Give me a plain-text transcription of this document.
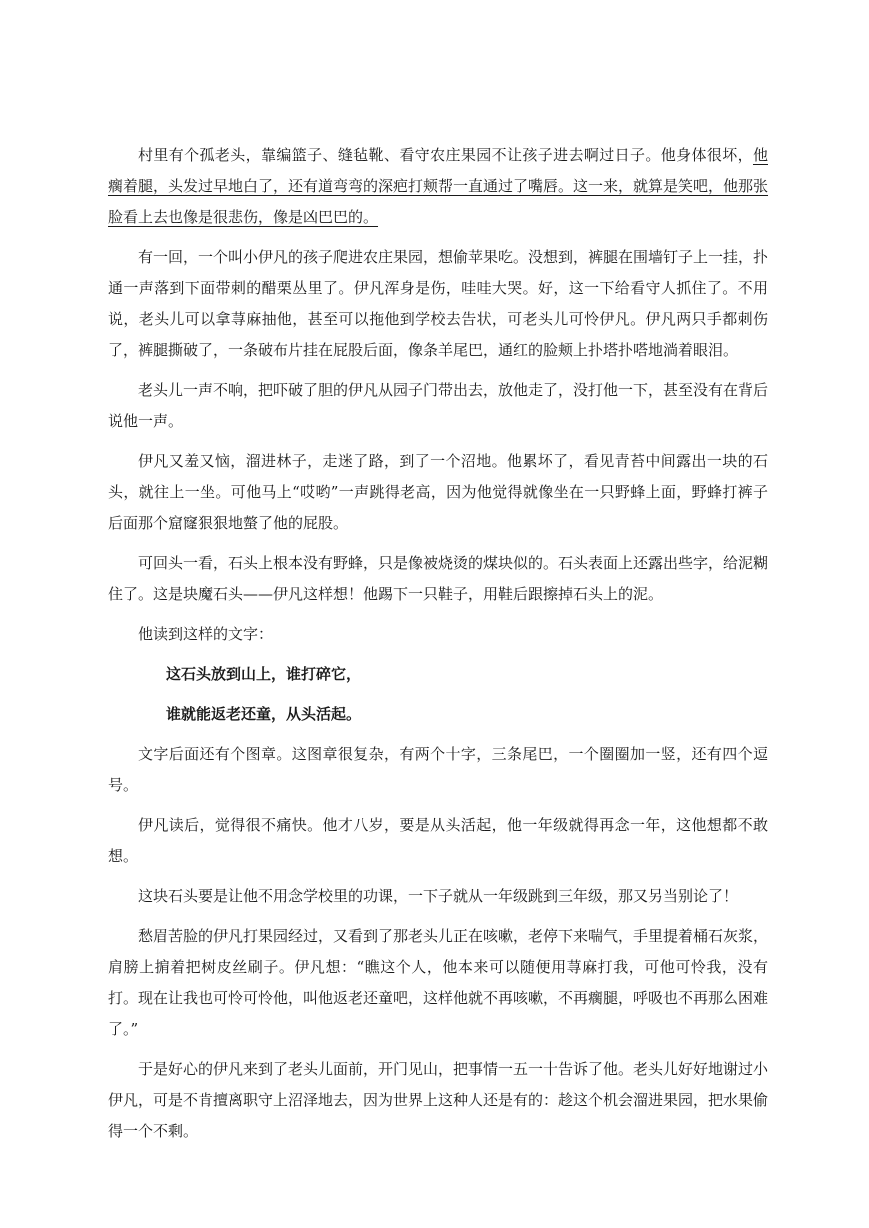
村里有个孤老头，靠编篮子、缝毡靴、看守农庄果园不让孩子进去啊过日子。他身体很坏，他瘸着腿，头发过早地白了，还有道弯弯的深疤打颊帮一直通过了嘴唇。这一来，就算是笑吧，他那张脸看上去也像是很悲伤，像是凶巴巴的。

有一回，一个叫小伊凡的孩子爬进农庄果园，想偷苹果吃。没想到，裤腿在围墙钉子上一挂，扑通一声落到下面带刺的醋栗丛里了。伊凡浑身是伤，哇哇大哭。好，这一下给看守人抓住了。不用说，老头儿可以拿荨麻抽他，甚至可以拖他到学校去告状，可老头儿可怜伊凡。伊凡两只手都刺伤了，裤腿撕破了，一条破布片挂在屁股后面，像条羊尾巴，通红的脸颊上扑塔扑嗒地淌着眼泪。

老头儿一声不响，把吓破了胆的伊凡从园子门带出去，放他走了，没打他一下，甚至没有在背后说他一声。

伊凡又羞又恼，溜进林子，走迷了路，到了一个沼地。他累坏了，看见青苔中间露出一块的石头，就往上一坐。可他马上“哎哟”一声跳得老高，因为他觉得就像坐在一只野蜂上面，野蜂打裤子后面那个窟窿狠狠地螫了他的屁股。

可回头一看，石头上根本没有野蜂，只是像被烧烫的煤块似的。石头表面上还露出些字，给泥糊住了。这是块魔石头——伊凡这样想！他踢下一只鞋子，用鞋后跟擦掉石头上的泥。

他读到这样的文字：

这石头放到山上，谁打碎它，

谁就能返老还童，从头活起。

文字后面还有个图章。这图章很复杂，有两个十字，三条尾巴，一个圈圈加一竖，还有四个逗号。

伊凡读后，觉得很不痛快。他才八岁，要是从头活起，他一年级就得再念一年，这他想都不敢想。

这块石头要是让他不用念学校里的功课，一下子就从一年级跳到三年级，那又另当别论了！

愁眉苦脸的伊凡打果园经过，又看到了那老头儿正在咳嗽，老停下来喘气，手里提着桶石灰浆，肩膀上掮着把树皮丝刷子。伊凡想：“瞧这个人，他本来可以随便用荨麻打我，可他可怜我，没有打。现在让我也可怜可怜他，叫他返老还童吧，这样他就不再咳嗽，不再瘸腿，呼吸也不再那么困难了。”

于是好心的伊凡来到了老头儿面前，开门见山，把事情一五一十告诉了他。老头儿好好地谢过小伊凡，可是不肯擅离职守上沼泽地去，因为世界上这种人还是有的：趁这个机会溜进果园，把水果偷得一个不剩。
